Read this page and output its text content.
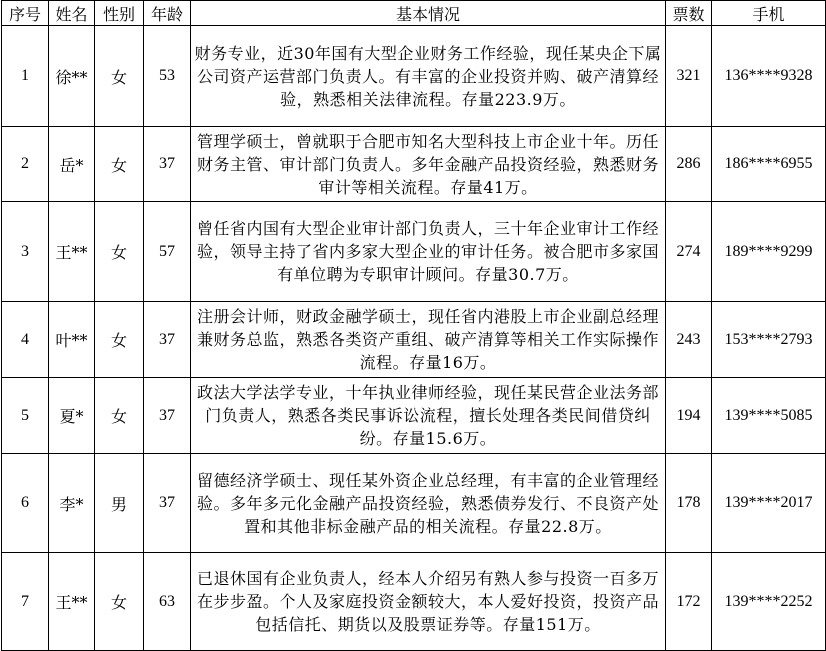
序号	姓名	性别	年龄	基本情况	票数	手机
1	徐**	女	53	财务专业，近30年国有大型企业财务工作经验，现任某央企下属公司资产运营部门负责人。有丰富的企业投资并购、破产清算经验，熟悉相关法律流程。存量223.9万。	321	136****9328
2	岳*	女	37	管理学硕士，曾就职于合肥市知名大型科技上市企业十年。历任财务主管、审计部门负责人。多年金融产品投资经验，熟悉财务审计等相关流程。存量41万。	286	186****6955
3	王**	女	57	曾任省内国有大型企业审计部门负责人，三十年企业审计工作经验，领导主持了省内多家大型企业的审计任务。被合肥市多家国有单位聘为专职审计顾问。存量30.7万。	274	189****9299
4	叶**	女	37	注册会计师，财政金融学硕士，现任省内港股上市企业副总经理兼财务总监，熟悉各类资产重组、破产清算等相关工作实际操作流程。存量16万。	243	153****2793
5	夏*	女	37	政法大学法学专业，十年执业律师经验，现任某民营企业法务部门负责人，熟悉各类民事诉讼流程，擅长处理各类民间借贷纠纷。存量15.6万。	194	139****5085
6	李*	男	37	留德经济学硕士、现任某外资企业总经理，有丰富的企业管理经验。多年多元化金融产品投资经验，熟悉债券发行、不良资产处置和其他非标金融产品的相关流程。存量22.8万。	178	139****2017
7	王**	女	63	已退休国有企业负责人，经本人介绍另有熟人参与投资一百多万在步步盈。个人及家庭投资金额较大，本人爱好投资，投资产品包括信托、期货以及股票证券等。存量151万。	172	139****2252
